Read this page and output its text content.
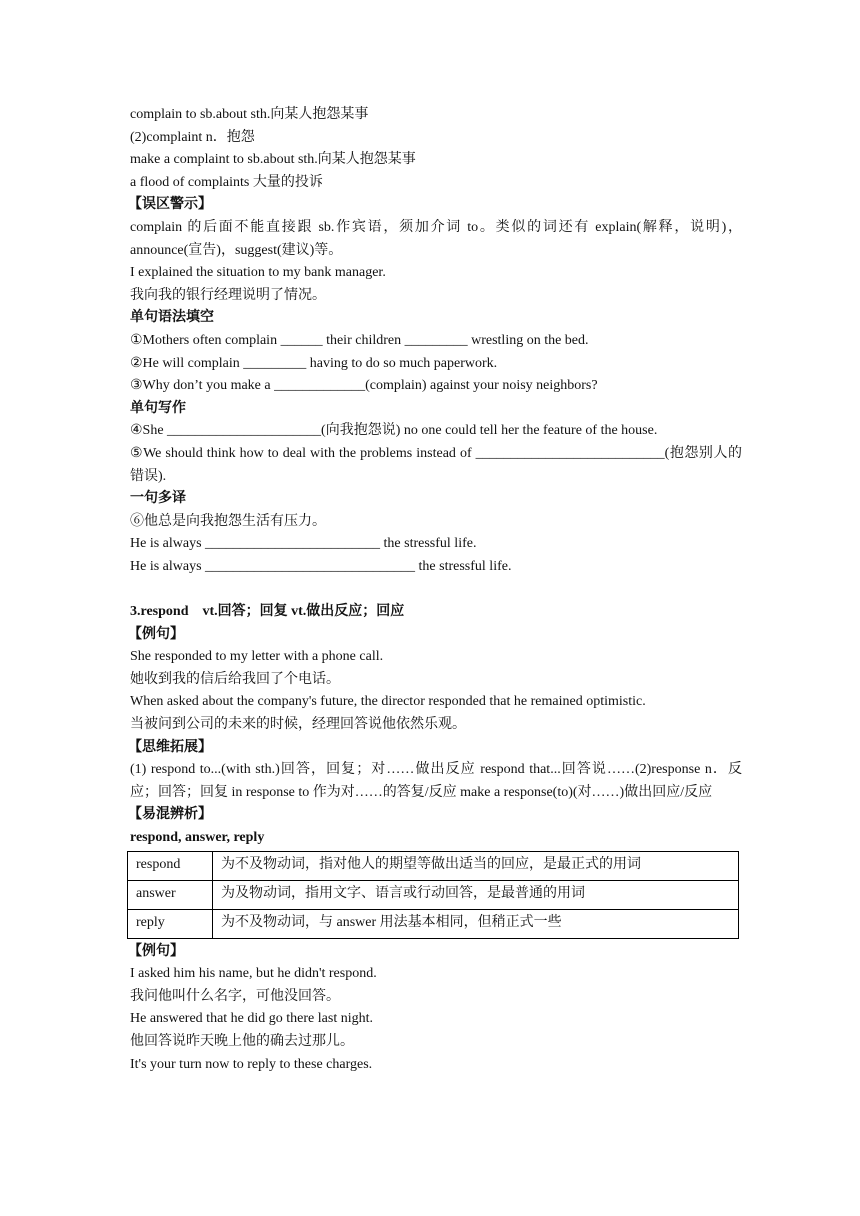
complain to sb.about sth.向某人抱怨某事
(2)complaint n．抱怨
make a complaint to sb.about sth.向某人抱怨某事
a flood of complaints 大量的投诉
【误区警示】
complain 的后面不能直接跟 sb.作宾语，须加介词 to。类似的词还有 explain(解释，说明)，announce(宣告)，suggest(建议)等。
I explained the situation to my bank manager.
我向我的银行经理说明了情况。
单句语法填空
①Mothers often complain ______ their children _________ wrestling on the bed.
②He will complain _________ having to do so much paperwork.
③Why don’t you make a _____________(complain) against your noisy neighbors?
单句写作
④She ______________________(向我抱怨说) no one could tell her the feature of the house.
⑤We should think how to deal with the problems instead of ___________________________(抱怨别人的错误).
一句多译
⑥他总是向我抱怨生活有压力。
He is always _________________________ the stressful life.
He is always ______________________________ the stressful life.
3.respond　vt.回答；回复 vt.做出反应；回应
【例句】
She responded to my letter with a phone call.
她收到我的信后给我回了个电话。
When asked about the company's future, the director responded that he remained optimistic.
当被问到公司的未来的时候，经理回答说他依然乐观。
【思维拓展】
(1) respond to...(with sth.)回答，回复；对……做出反应 respond that...回答说……(2)response n．反应；回答；回复 in response to 作为对……的答复/反应 make a response(to)(对……)做出回应/反应
【易混辨析】
respond, answer, reply
respond	为不及物动词，指对他人的期望等做出适当的回应，是最正式的用词
answer	为及物动词，指用文字、语言或行动回答，是最普通的用词
reply	为不及物动词，与 answer 用法基本相同，但稍正式一些
【例句】
I asked him his name, but he didn't respond.
我问他叫什么名字，可他没回答。
He answered that he did go there last night.
他回答说昨天晚上他的确去过那儿。
It's your turn now to reply to these charges.
